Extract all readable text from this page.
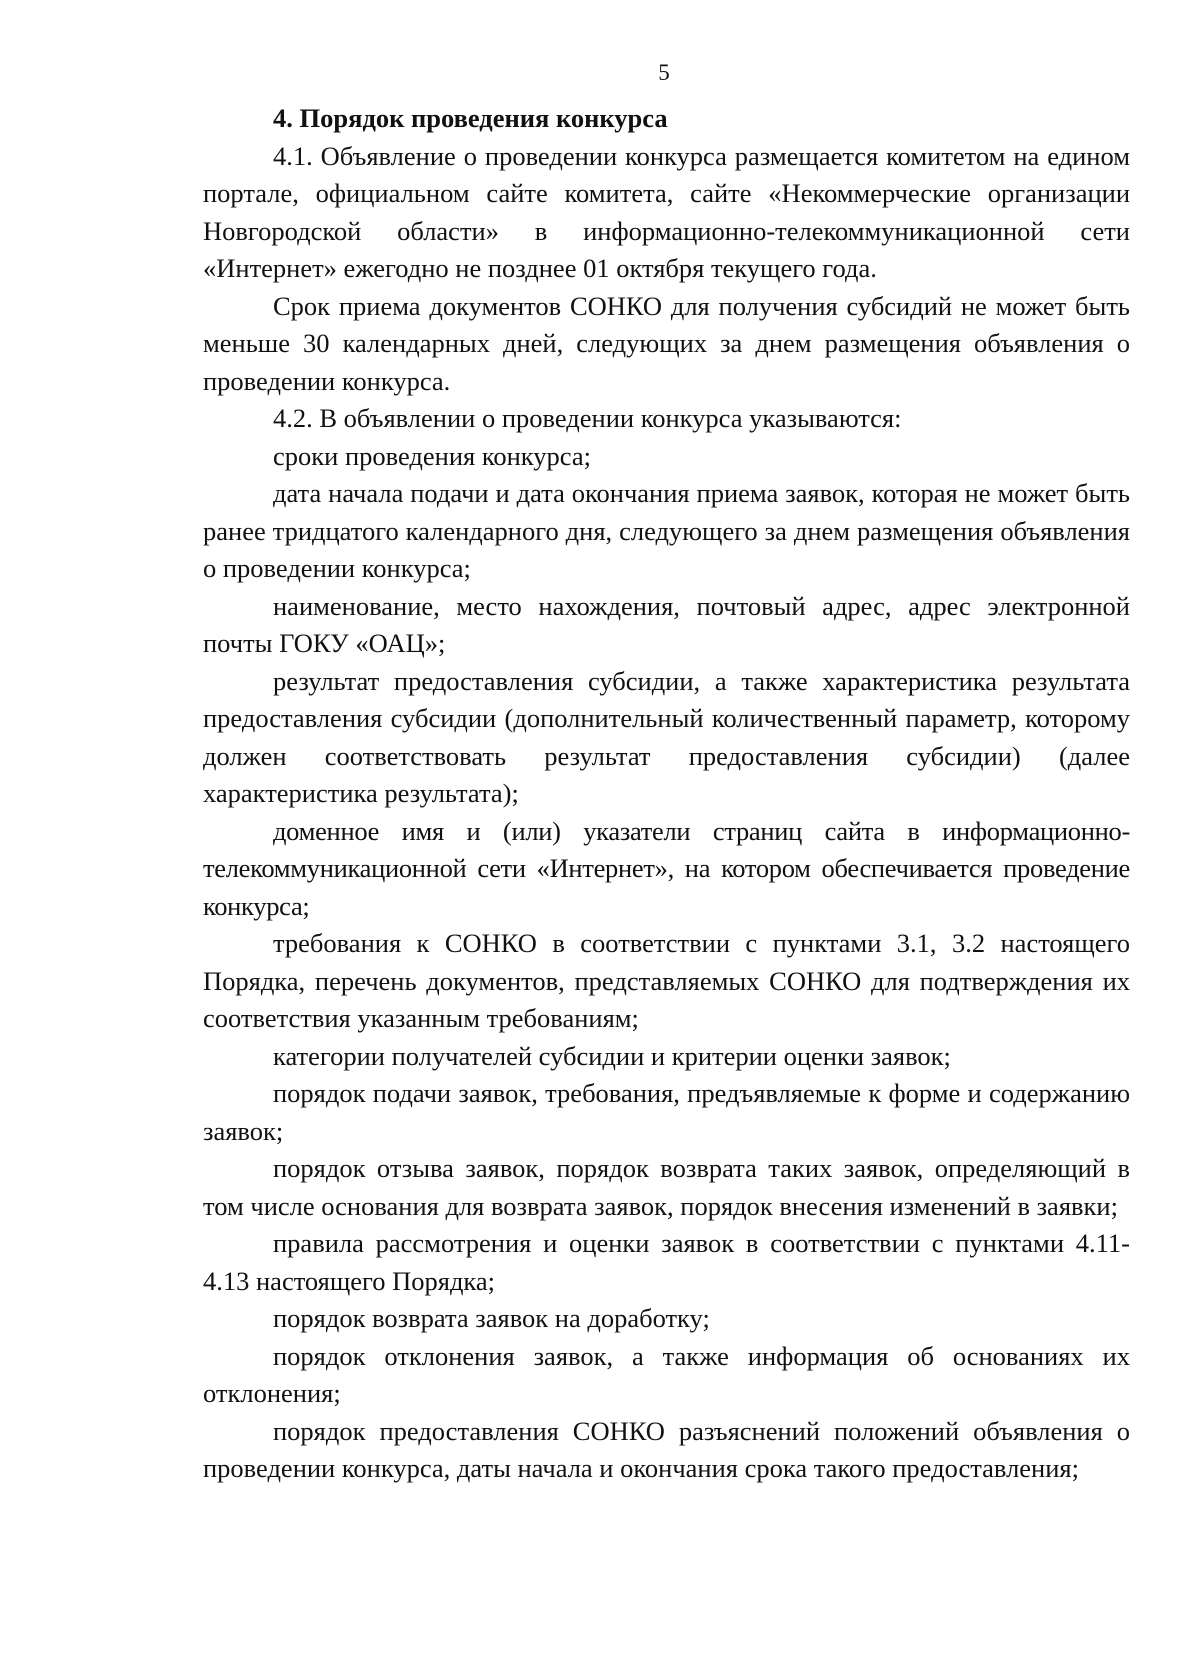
5

4. Порядок проведения конкурса

4.1. Объявление о проведении конкурса размещается комитетом на едином портале, официальном сайте комитета, сайте «Некоммерческие организации Новгородской области» в информационно-телекоммуникационной сети «Интернет» ежегодно не позднее 01 октября текущего года.

Срок приема документов СОНКО для получения субсидий не может быть меньше 30 календарных дней, следующих за днем размещения объявления о проведении конкурса.

4.2. В объявлении о проведении конкурса указываются:

сроки проведения конкурса;

дата начала подачи и дата окончания приема заявок, которая не может быть ранее тридцатого календарного дня, следующего за днем размещения объявления о проведении конкурса;

наименование, место нахождения, почтовый адрес, адрес электронной почты ГОКУ «ОАЦ»;

результат предоставления субсидии, а также характеристика результата предоставления субсидии (дополнительный количественный параметр, которому должен соответствовать результат предоставления субсидии) (далее характеристика результата);

доменное имя и (или) указатели страниц сайта в информационно-телекоммуникационной сети «Интернет», на котором обеспечивается проведение конкурса;

требования к СОНКО в соответствии с пунктами 3.1, 3.2 настоящего Порядка, перечень документов, представляемых СОНКО для подтверждения их соответствия указанным требованиям;

категории получателей субсидии и критерии оценки заявок;

порядок подачи заявок, требования, предъявляемые к форме и содержанию заявок;

порядок отзыва заявок, порядок возврата таких заявок, определяющий в том числе основания для возврата заявок, порядок внесения изменений в заявки;

правила рассмотрения и оценки заявок в соответствии с пунктами 4.11-4.13 настоящего Порядка;

порядок возврата заявок на доработку;

порядок отклонения заявок, а также информация об основаниях их отклонения;

порядок предоставления СОНКО разъяснений положений объявления о проведении конкурса, даты начала и окончания срока такого предоставления;
